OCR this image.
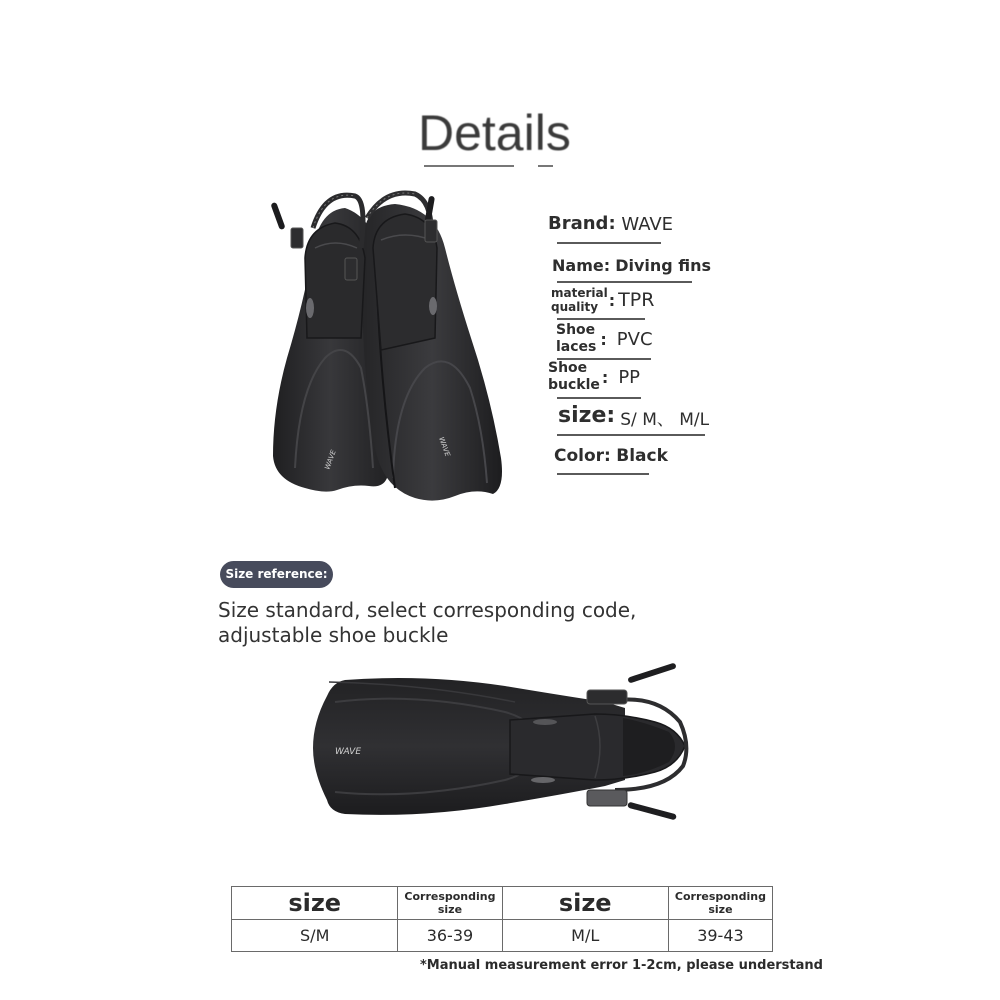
Details
WAVE
WAVE
Brand: WAVE
Name: Diving fins
material
quality : TPR
Shoe
laces : PVC
Shoe
buckle : PP
size: S/ M、 M/L
Color: Black
Size reference:
Size standard, select corresponding code, adjustable shoe buckle
WAVE
size	Corresponding size	size	Corresponding size
S/M	36-39	M/L	39-43
*Manual measurement error 1-2cm, please understand
